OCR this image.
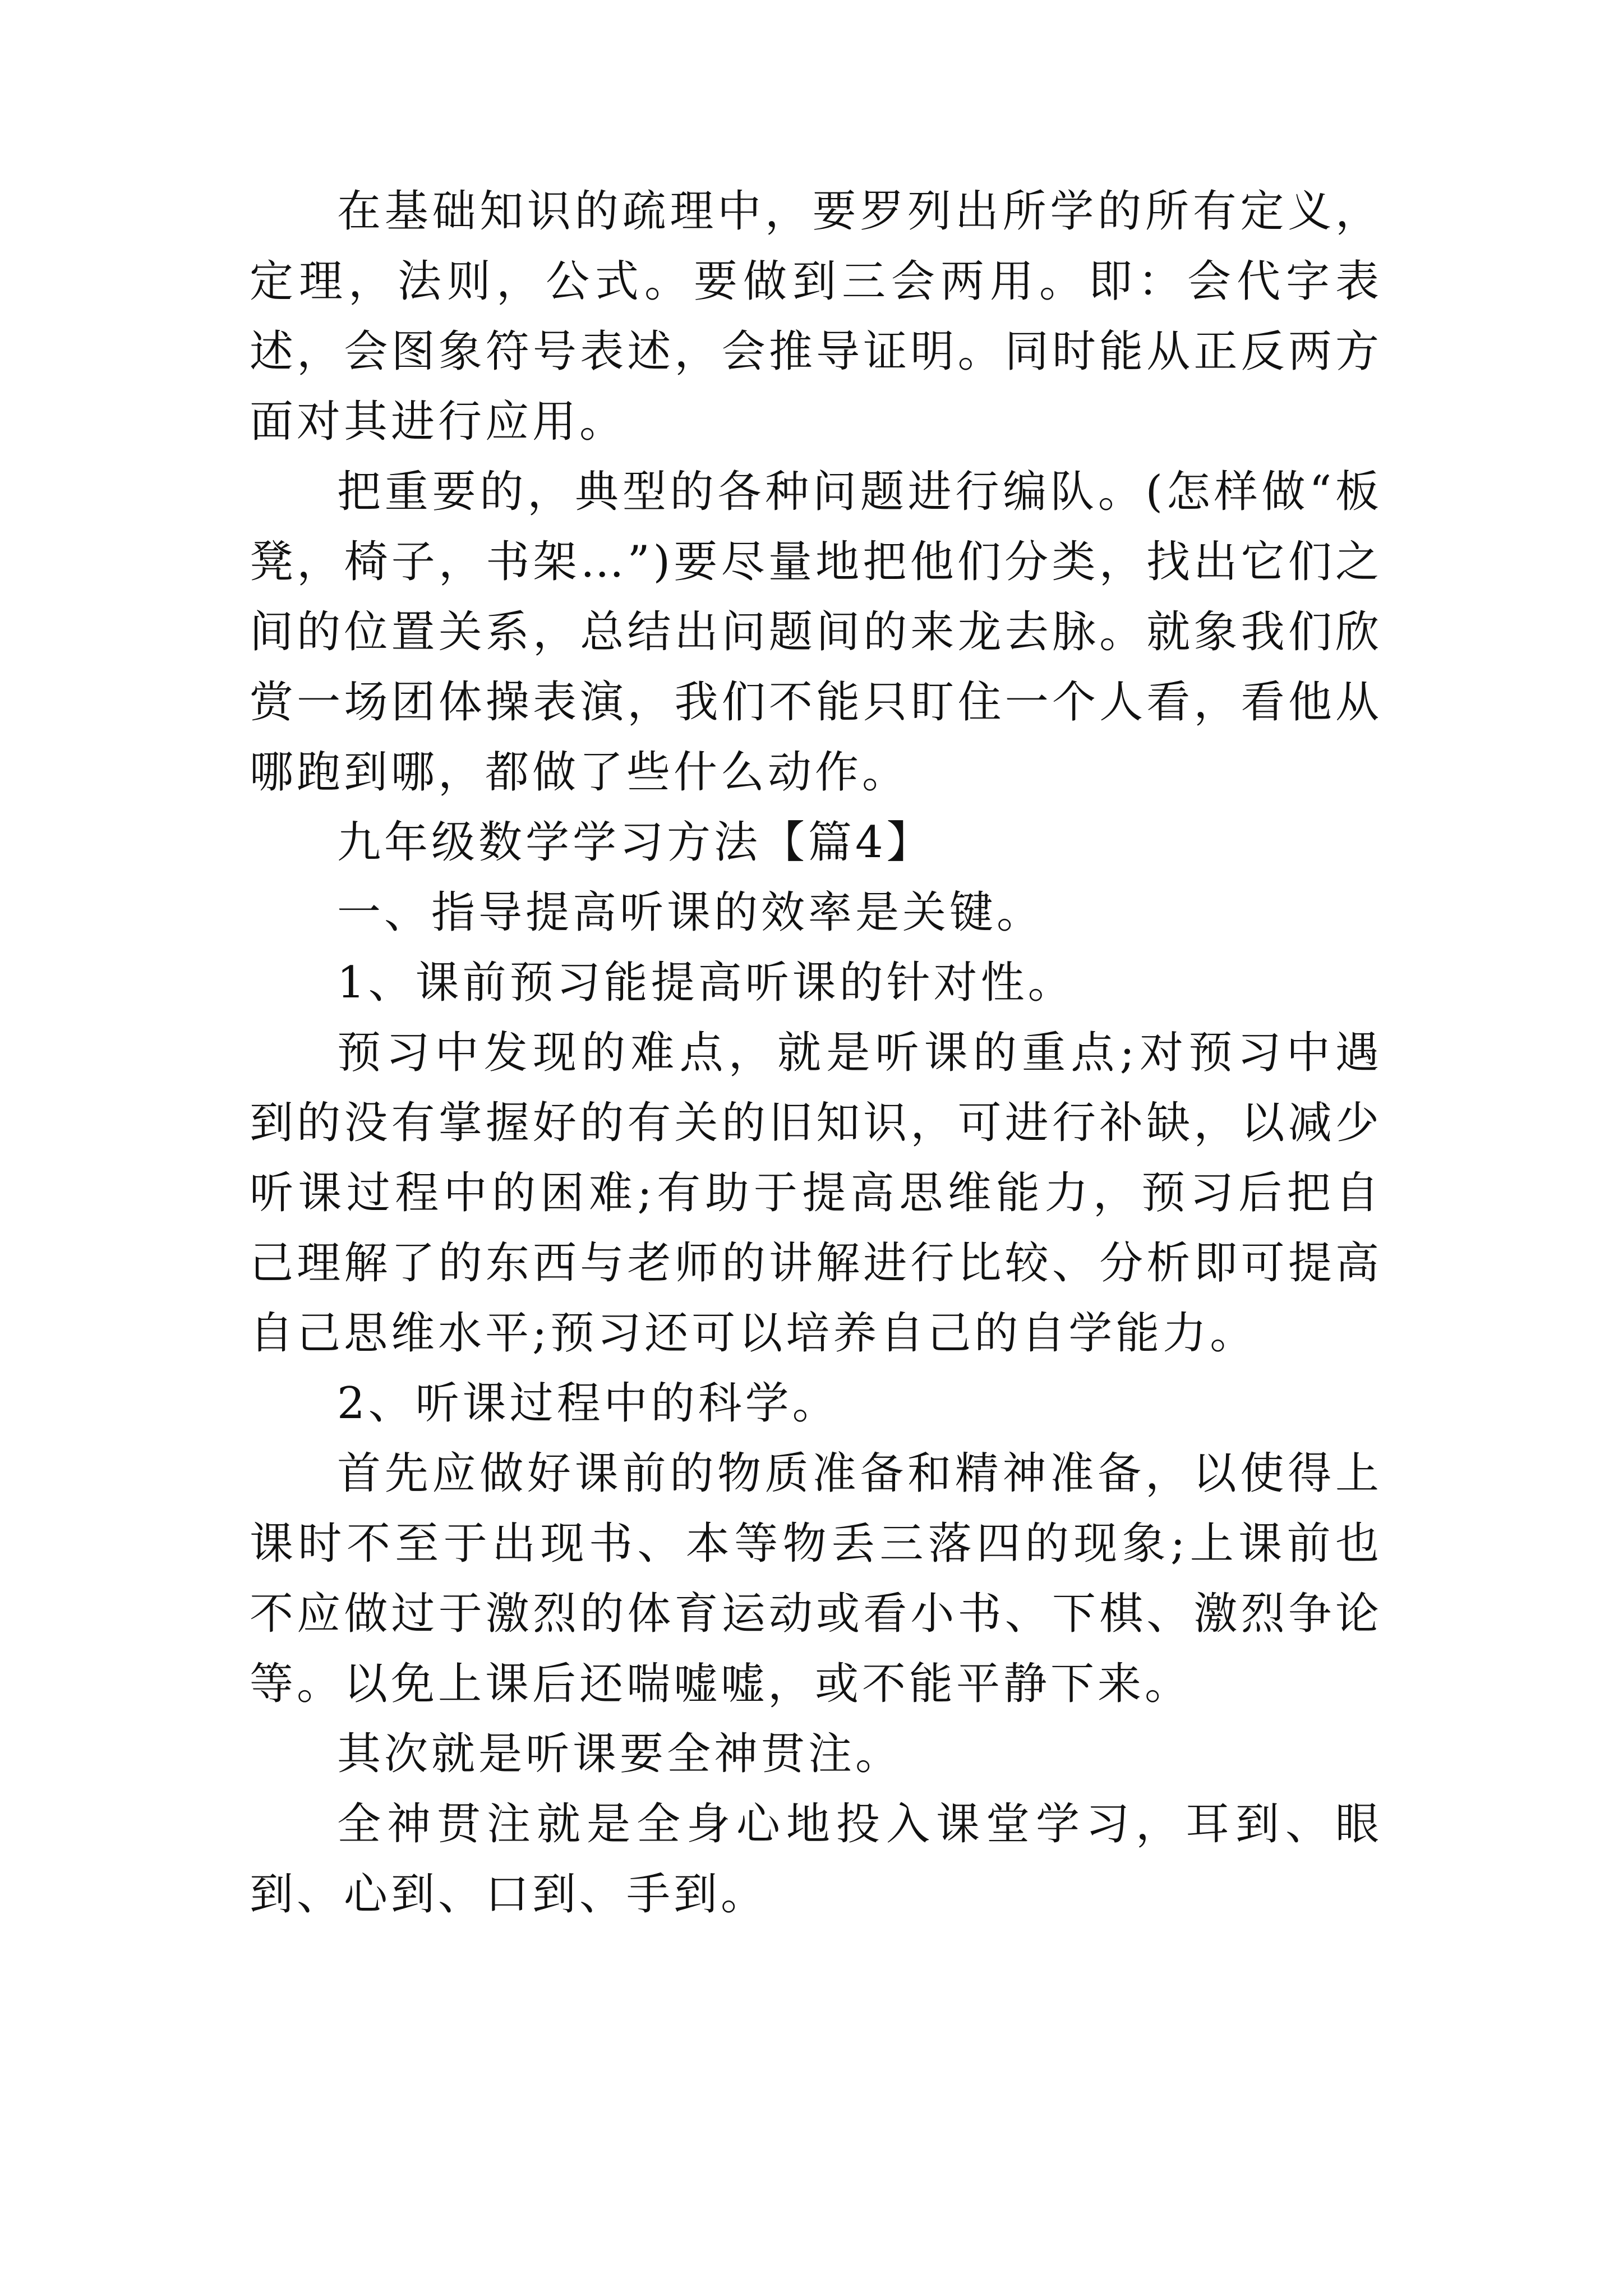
在基础知识的疏理中，要罗列出所学的所有定义，定理，法则，公式。要做到三会两用。即：会代字表述，会图象符号表述，会推导证明。同时能从正反两方面对其进行应用。

把重要的，典型的各种问题进行编队。(怎样做“板凳，椅子，书架…”)要尽量地把他们分类，找出它们之间的位置关系，总结出问题间的来龙去脉。就象我们欣赏一场团体操表演，我们不能只盯住一个人看，看他从哪跑到哪，都做了些什么动作。

九年级数学学习方法【篇4】

一、指导提高听课的效率是关键。

1、课前预习能提高听课的针对性。

预习中发现的难点，就是听课的重点;对预习中遇到的没有掌握好的有关的旧知识，可进行补缺，以减少听课过程中的困难;有助于提高思维能力，预习后把自己理解了的东西与老师的讲解进行比较、分析即可提高自己思维水平;预习还可以培养自己的自学能力。

2、听课过程中的科学。

首先应做好课前的物质准备和精神准备，以使得上课时不至于出现书、本等物丢三落四的现象;上课前也不应做过于激烈的体育运动或看小书、下棋、激烈争论等。以免上课后还喘嘘嘘，或不能平静下来。

其次就是听课要全神贯注。

全神贯注就是全身心地投入课堂学习，耳到、眼到、心到、口到、手到。
